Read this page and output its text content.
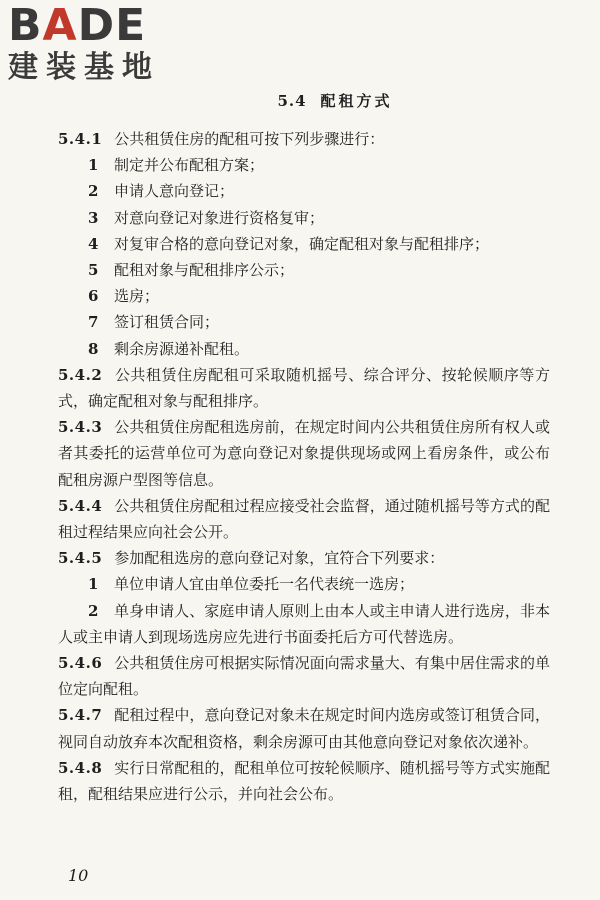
BADE
建装基地
5.4 配租方式

5.4.1 公共租赁住房的配租可按下列步骤进行：

1 制定并公布配租方案；

2 申请人意向登记；

3 对意向登记对象进行资格复审；

4 对复审合格的意向登记对象，确定配租对象与配租排序；

5 配租对象与配租排序公示；

6 选房；

7 签订租赁合同；

8 剩余房源递补配租。

5.4.2 公共租赁住房配租可采取随机摇号、综合评分、按轮候顺序等方式，确定配租对象与配租排序。

5.4.3 公共租赁住房配租选房前，在规定时间内公共租赁住房所有权人或者其委托的运营单位可为意向登记对象提供现场或网上看房条件，或公布配租房源户型图等信息。

5.4.4 公共租赁住房配租过程应接受社会监督，通过随机摇号等方式的配租过程结果应向社会公开。

5.4.5 参加配租选房的意向登记对象，宜符合下列要求：

1 单位申请人宜由单位委托一名代表统一选房；

2 单身申请人、家庭申请人原则上由本人或主申请人进行选房，非本人或主申请人到现场选房应先进行书面委托后方可代替选房。

5.4.6 公共租赁住房可根据实际情况面向需求量大、有集中居住需求的单位定向配租。

5.4.7 配租过程中，意向登记对象未在规定时间内选房或签订租赁合同，视同自动放弃本次配租资格，剩余房源可由其他意向登记对象依次递补。

5.4.8 实行日常配租的，配租单位可按轮候顺序、随机摇号等方式实施配租，配租结果应进行公示，并向社会公布。

10
